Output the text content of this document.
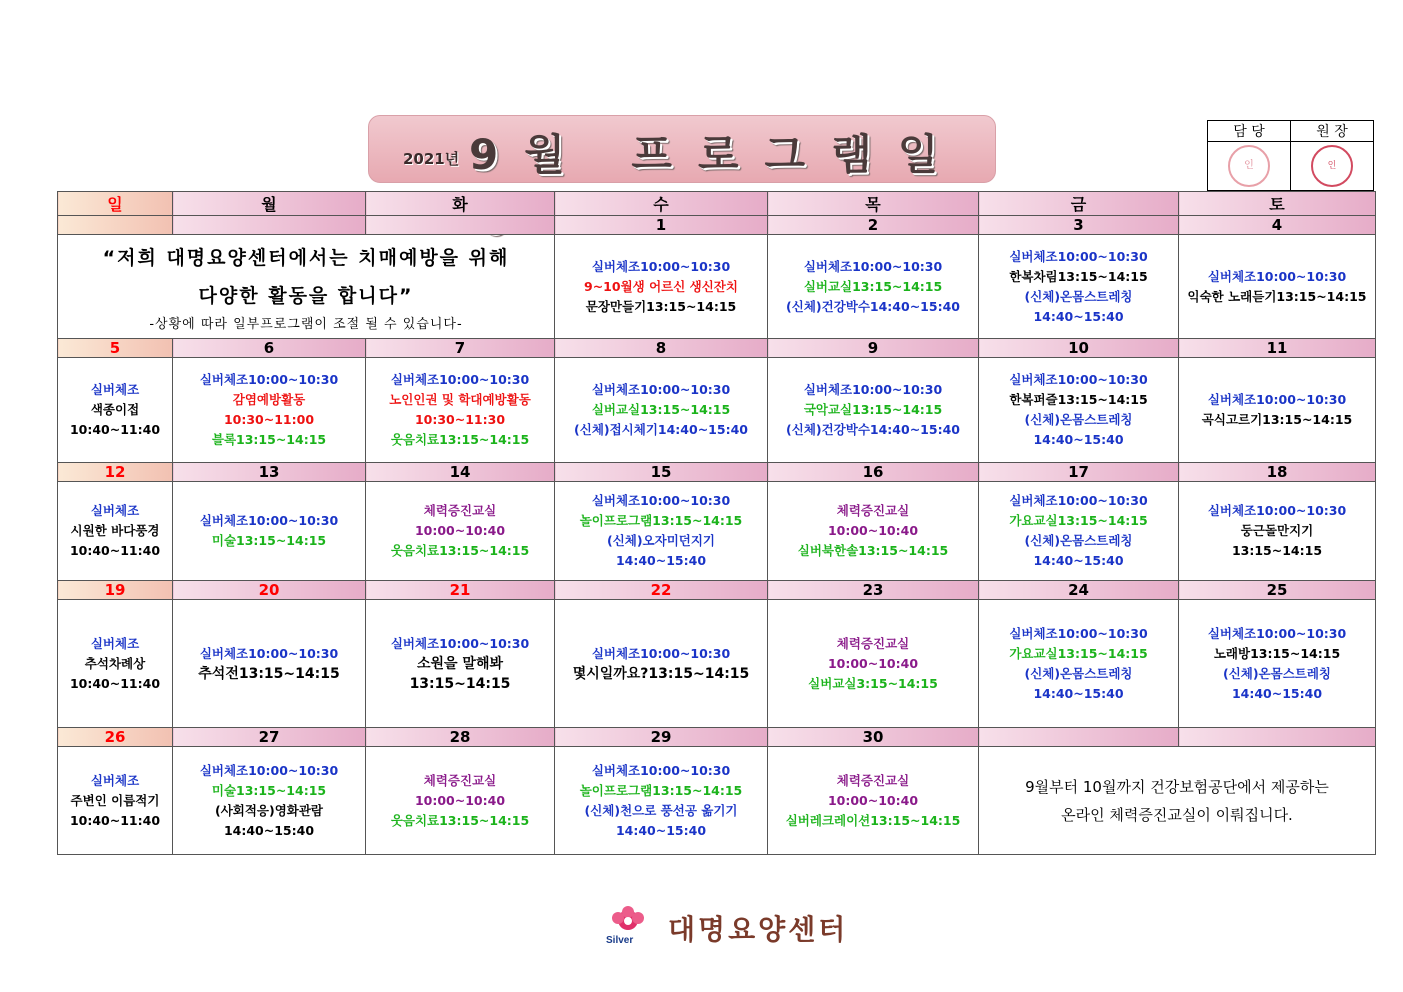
2021년 9월 프로그램일	담 당	원 장
인	인
일	월	화	수	목	금	토
			1	2	3	4

“저희 대명요양센터에서는 치매예방을 위해
다양한 활동을 합니다”
-상황에 따라 일부프로그램이 조절 될 수 있습니다-			실버체조10:00~10:30
9~10월생 어르신 생신잔치
문장만들기13:15~14:15	실버체조10:00~10:30
실버교실13:15~14:15
(신체)건강박수14:40~15:40	실버체조10:00~10:30
한복차림13:15~14:15
(신체)온몸스트레칭
14:40~15:40	실버체조10:00~10:30
익숙한 노래듣기13:15~14:15

5	6	7	8	9	10	11

실버체조
색종이접
10:40~11:40	실버체조10:00~10:30
감염예방활동
10:30~11:00
블록13:15~14:15	실버체조10:00~10:30
노인인권 및 학대예방활동
10:30~11:30
웃음치료13:15~14:15	실버체조10:00~10:30
실버교실13:15~14:15
(신체)접시체기14:40~15:40	실버체조10:00~10:30
국악교실13:15~14:15
(신체)건강박수14:40~15:40	실버체조10:00~10:30
한복퍼즐13:15~14:15
(신체)온몸스트레칭
14:40~15:40	실버체조10:00~10:30
곡식고르기13:15~14:15

12	13	14	15	16	17	18

실버체조
시원한 바다풍경
10:40~11:40	실버체조10:00~10:30
미술13:15~14:15	체력증진교실
10:00~10:40
웃음치료13:15~14:15	실버체조10:00~10:30
놀이프로그램13:15~14:15
(신체)오자미던지기
14:40~15:40	체력증진교실
10:00~10:40
실버북한솔13:15~14:15	실버체조10:00~10:30
가요교실13:15~14:15
(신체)온몸스트레칭
14:40~15:40	실버체조10:00~10:30
둥근돌만지기
13:15~14:15

19	20	21	22	23	24	25

실버체조
추석차례상
10:40~11:40	실버체조10:00~10:30
추석전13:15~14:15	실버체조10:00~10:30
소원을 말해봐13:15~14:15	실버체조10:00~10:30
몇시일까요?13:15~14:15	체력증진교실
10:00~10:40
실버교실3:15~14:15	실버체조10:00~10:30
가요교실13:15~14:15
(신체)온몸스트레칭
14:40~15:40	실버체조10:00~10:30
노래방13:15~14:15
(신체)온몸스트레칭
14:40~15:40

26	27	28	29	30		

실버체조
주변인 이름적기
10:40~11:40	실버체조10:00~10:30
미술13:15~14:15
(사회적응)영화관람
14:40~15:40	체력증진교실
10:00~10:40
웃음치료13:15~14:15	실버체조10:00~10:30
놀이프로그램13:15~14:15
(신체)천으로 풍선공 옮기기
14:40~15:40	체력증진교실
10:00~10:40
실버레크레이션13:15~14:15	9월부터 10월까지 건강보험공단에서 제공하는
온라인 체력증진교실이 이뤄집니다.	
Silver 대명요양센터
